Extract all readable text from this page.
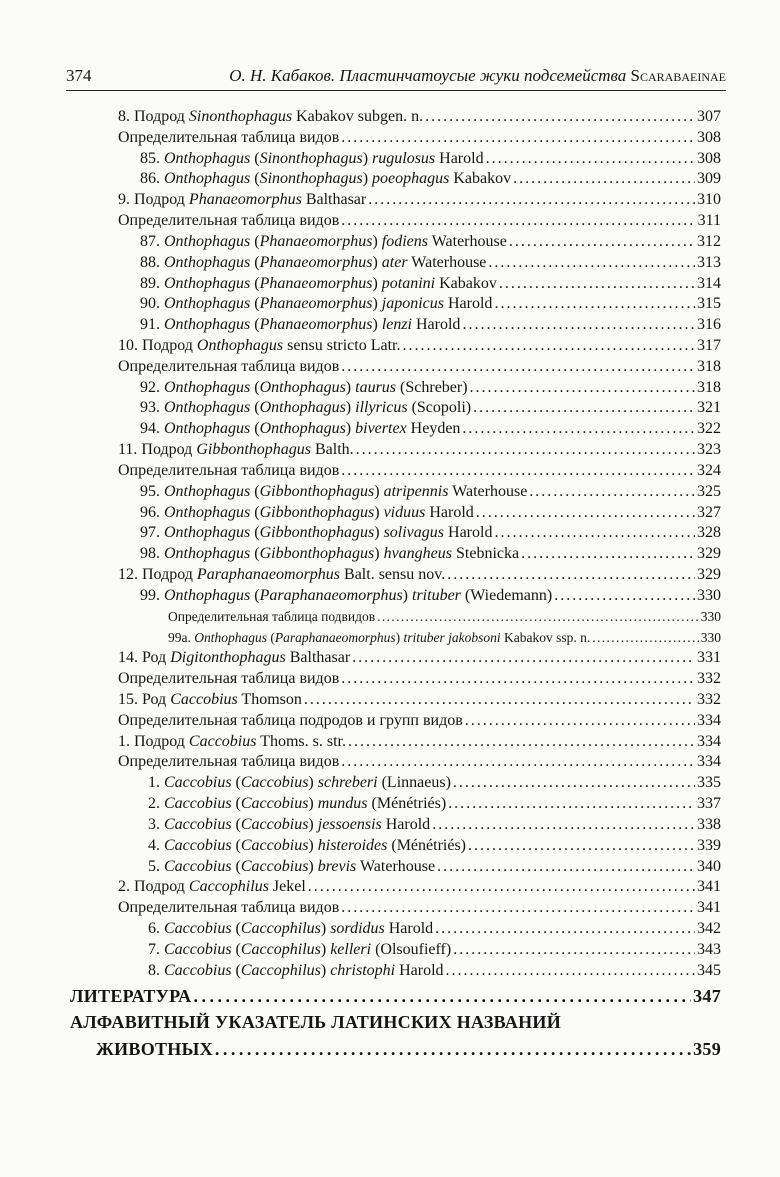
374	О. Н. Кабаков. Пластинчатоусые жуки подсемейства Scarabaeinae
8. Подрод Sinonthophagus Kabakov subgen. n. . . .	307
Определительная таблица видов . . .	308
85. Onthophagus (Sinonthophagus) rugulosus Harold . . .	308
86. Onthophagus (Sinonthophagus) poeophagus Kabakov . . .	309
9. Подрод Phanaeomorphus Balthasar . . .	310
Определительная таблица видов . . .	311
87. Onthophagus (Phanaeomorphus) fodiens Waterhouse . . .	312
88. Onthophagus (Phanaeomorphus) ater Waterhouse . . .	313
89. Onthophagus (Phanaeomorphus) potanini Kabakov . . .	314
90. Onthophagus (Phanaeomorphus) japonicus Harold . . .	315
91. Onthophagus (Phanaeomorphus) lenzi Harold . . .	316
10. Подрод Onthophagus sensu stricto Latr. . . .	317
Определительная таблица видов . . .	318
92. Onthophagus (Onthophagus) taurus (Schreber) . . .	318
93. Onthophagus (Onthophagus) illyricus (Scopoli) . . .	321
94. Onthophagus (Onthophagus) bivertex Heyden . . .	322
11. Подрод Gibbonthophagus Balth. . . .	323
Определительная таблица видов . . .	324
95. Onthophagus (Gibbonthophagus) atripennis Waterhouse . . .	325
96. Onthophagus (Gibbonthophagus) viduus Harold . . .	327
97. Onthophagus (Gibbonthophagus) solivagus Harold . . .	328
98. Onthophagus (Gibbonthophagus) hvangheus Stebnicka . . .	329
12. Подрод Paraphanaeomorphus Balt. sensu nov. . . .	329
99. Onthophagus (Paraphanaeomorphus) trituber (Wiedemann) . . .	330
Определительная таблица подвидов . . .	330
99а. Onthophagus (Paraphanaeomorphus) trituber jakobsoni Kabakov ssp. n. . . .	330
14. Род Digitonthophagus Balthasar . . .	331
Определительная таблица видов . . .	332
15. Род Caccobius Thomson . . .	332
Определительная таблица подродов и групп видов . . .	334
1. Подрод Caccobius Thoms. s. str. . . .	334
Определительная таблица видов . . .	334
1. Caccobius (Caccobius) schreberi (Linnaeus) . . .	335
2. Caccobius (Caccobius) mundus (Ménétriés) . . .	337
3. Caccobius (Caccobius) jessoensis Harold . . .	338
4. Caccobius (Caccobius) histeroides (Ménétriés) . . .	339
5. Caccobius (Caccobius) brevis Waterhouse . . .	340
2. Подрод Caccophilus Jekel . . .	341
Определительная таблица видов . . .	341
6. Caccobius (Caccophilus) sordidus Harold . . .	342
7. Caccobius (Caccophilus) kelleri (Olsoufieff) . . .	343
8. Caccobius (Caccophilus) christophi Harold . . .	345
ЛИТЕРАТУРА . . .	347
АЛФАВИТНЫЙ УКАЗАТЕЛЬ ЛАТИНСКИХ НАЗВАНИЙ
ЖИВОТНЫХ . . .	359
